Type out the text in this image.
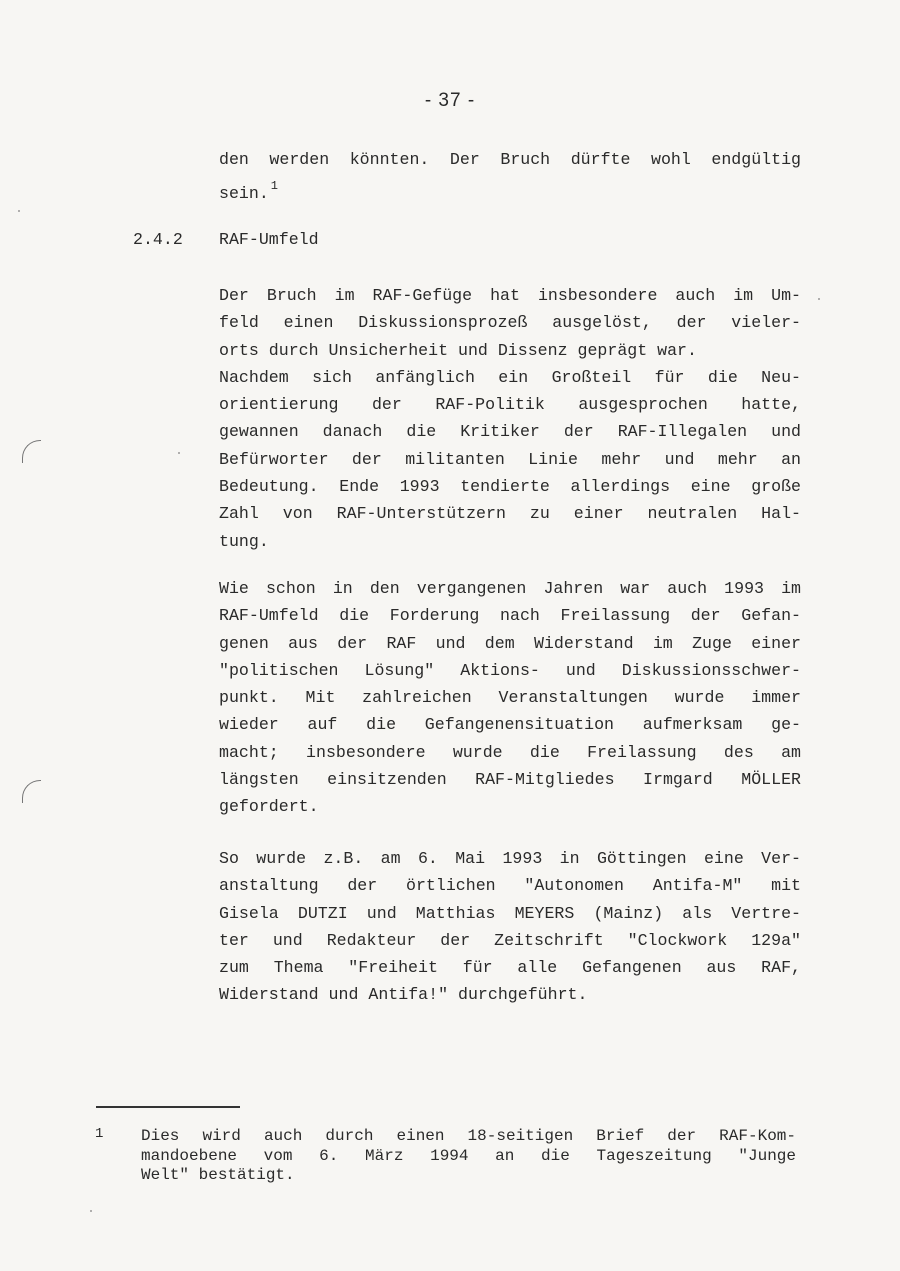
- 37 -
den werden könnten. Der Bruch dürfte wohl endgültig
sein. $^1$
2.4.2 RAF-Umfeld
Der Bruch im RAF-Gefüge hat insbesondere auch im Um-
feld einen Diskussionsprozeß ausgelöst, der vieler-
orts durch Unsicherheit und Dissenz geprägt war.
Nachdem sich anfänglich ein Großteil für die Neu-
orientierung der RAF-Politik ausgesprochen hatte,
gewannen danach die Kritiker der RAF-Illegalen und
Befürworter der militanten Linie mehr und mehr an
Bedeutung. Ende 1993 tendierte allerdings eine große
Zahl von RAF-Unterstützern zu einer neutralen Hal-
tung.
Wie schon in den vergangenen Jahren war auch 1993 im
RAF-Umfeld die Forderung nach Freilassung der Gefan-
genen aus der RAF und dem Widerstand im Zuge einer
"politischen Lösung" Aktions- und Diskussionsschwer-
punkt. Mit zahlreichen Veranstaltungen wurde immer
wieder auf die Gefangenensituation aufmerksam ge-
macht; insbesondere wurde die Freilassung des am
längsten einsitzenden RAF-Mitgliedes Irmgard MÖLLER
gefordert.
So wurde z.B. am 6. Mai 1993 in Göttingen eine Ver-
anstaltung der örtlichen "Autonomen Antifa-M" mit
Gisela DUTZI und Matthias MEYERS (Mainz) als Vertre-
ter und Redakteur der Zeitschrift "Clockwork 129a"
zum Thema "Freiheit für alle Gefangenen aus RAF,
Widerstand und Antifa!" durchgeführt.
1 Dies wird auch durch einen 18-seitigen Brief der RAF-Kom-
mandoebene vom 6. März 1994 an die Tageszeitung "Junge
Welt" bestätigt.
